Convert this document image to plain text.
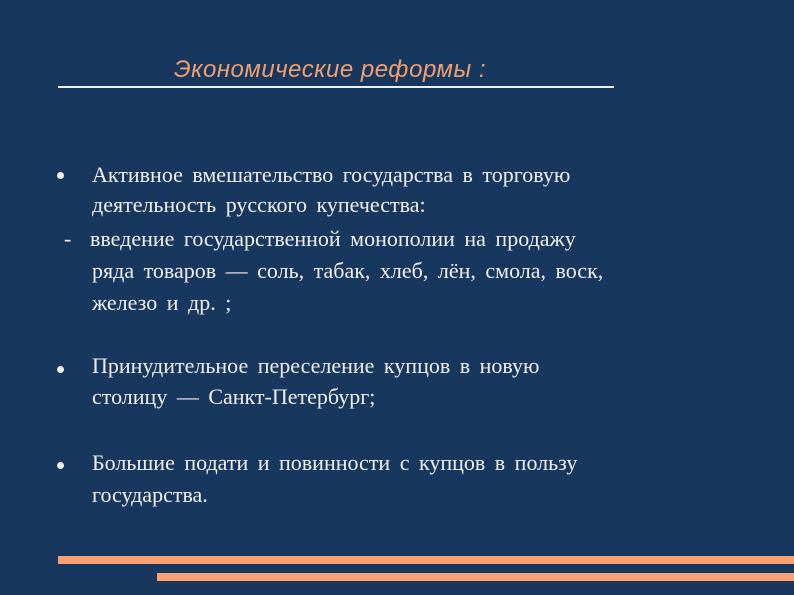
Экономические реформы :
Активное вмешательство государства в торговую
деятельность русского купечества:
- введение государственной монополии на продажу
ряда товаров — соль, табак, хлеб, лён, смола, воск,
железо и др. ;
Принудительное переселение купцов в новую
столицу — Санкт-Петербург;
Большие подати и повинности с купцов в пользу
государства.
